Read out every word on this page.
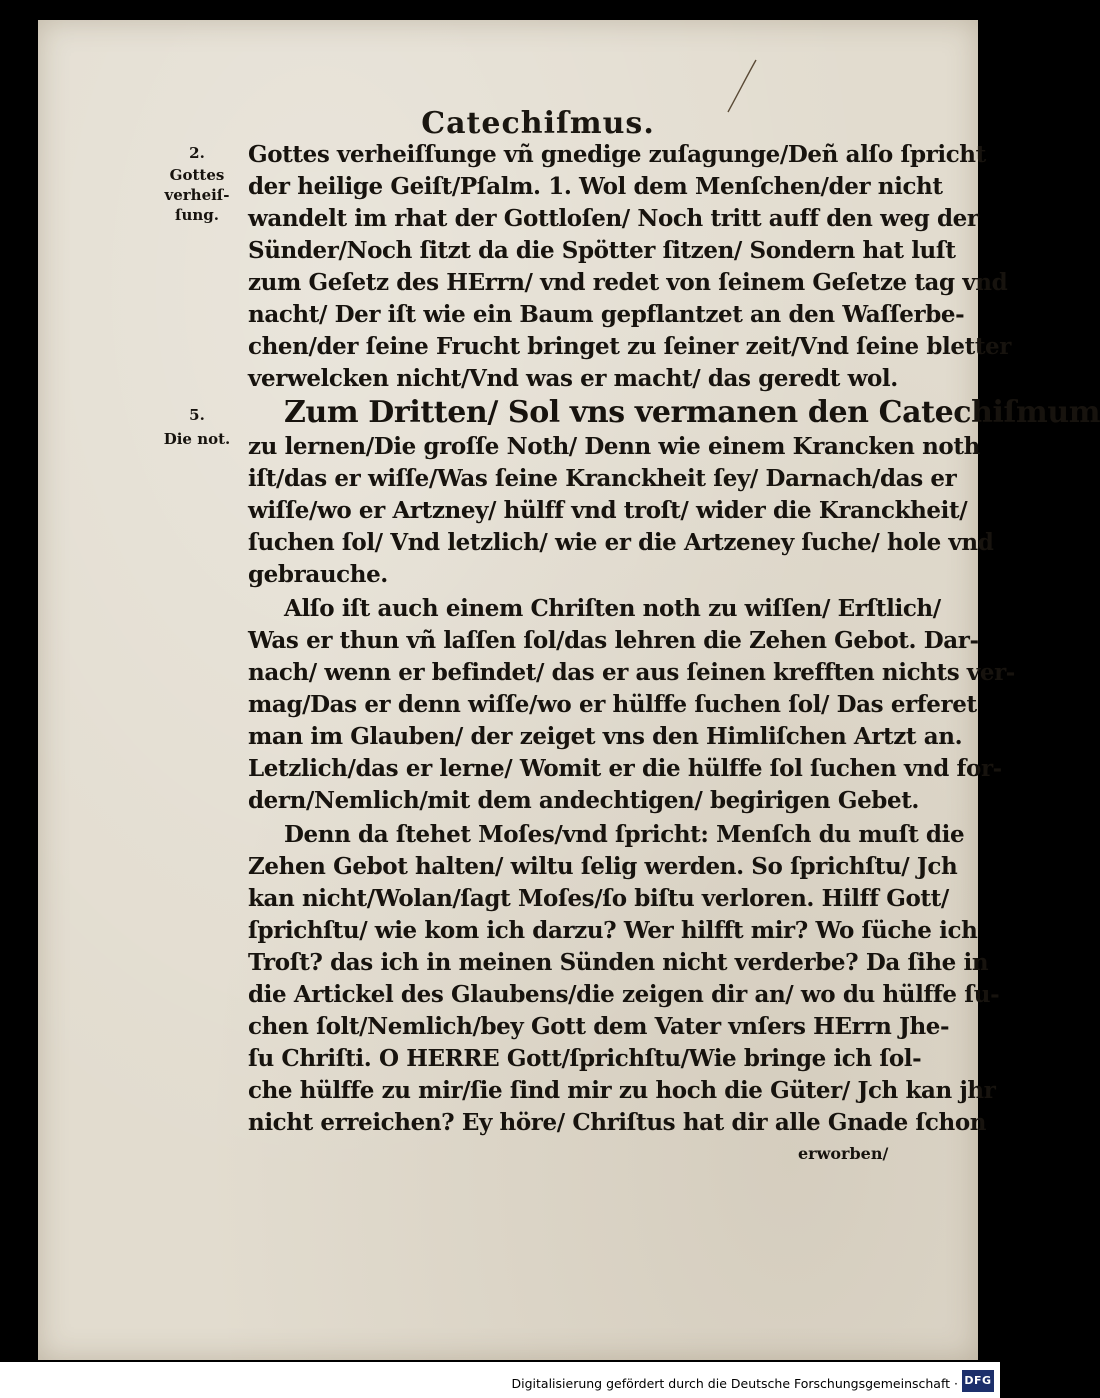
Catechiſmus.
2.
Gottes
verheiſ-
ſung.
5.
Die not.
Gottes verheiſſunge vñ gnedige zuſagunge/Deñ alſo ſpricht
der heilige Geiſt/Pſalm. 1. Wol dem Menſchen/der nicht
wandelt im rhat der Gottloſen/ Noch tritt auff den weg der
Sünder/Noch ſitzt da die Spötter ſitzen/ Sondern hat luſt
zum Geſetz des HErrn/ vnd redet von ſeinem Geſetze tag vnd
nacht/ Der iſt wie ein Baum gepflantzet an den Waſſerbe-
chen/der ſeine Frucht bringet zu ſeiner zeit/Vnd ſeine bletter
verwelcken nicht/Vnd was er macht/ das geredt wol.
Zum Dritten/ Sol vns vermanen den Catechiſmum
zu lernen/Die groſſe Noth/ Denn wie einem Krancken noth
iſt/das er wiſſe/Was ſeine Kranckheit ſey/ Darnach/das er
wiſſe/wo er Artzney/ hülff vnd troſt/ wider die Kranckheit/
ſuchen ſol/ Vnd letzlich/ wie er die Artzeney ſuche/ hole vnd
gebrauche.
Alſo iſt auch einem Chriſten noth zu wiſſen/ Erſtlich/
Was er thun vñ laſſen ſol/das lehren die Zehen Gebot. Dar-
nach/ wenn er befindet/ das er aus ſeinen krefften nichts ver-
mag/Das er denn wiſſe/wo er hülffe ſuchen ſol/ Das erferet
man im Glauben/ der zeiget vns den Himliſchen Artzt an.
Letzlich/das er lerne/ Womit er die hülffe ſol ſuchen vnd for-
dern/Nemlich/mit dem andechtigen/ begirigen Gebet.
Denn da ſtehet Moſes/vnd ſpricht: Menſch du muſt die
Zehen Gebot halten/ wiltu ſelig werden. So ſprichſtu/ Jch
kan nicht/Wolan/ſagt Moſes/ſo biſtu verloren. Hilff Gott/
ſprichſtu/ wie kom ich darzu? Wer hilfft mir? Wo ſüche ich
Troſt? das ich in meinen Sünden nicht verderbe? Da ſihe in
die Artickel des Glaubens/die zeigen dir an/ wo du hülffe ſu-
chen ſolt/Nemlich/bey Gott dem Vater vnſers HErrn Jhe-
ſu Chriſti. O HERRE Gott/ſprichſtu/Wie bringe ich ſol-
che hülffe zu mir/ſie ſind mir zu hoch die Güter/ Jch kan jhr
nicht erreichen? Ey höre/ Chriſtus hat dir alle Gnade ſchon
erworben/
Digitalisierung gefördert durch die Deutsche Forschungsgemeinschaft · DFG
